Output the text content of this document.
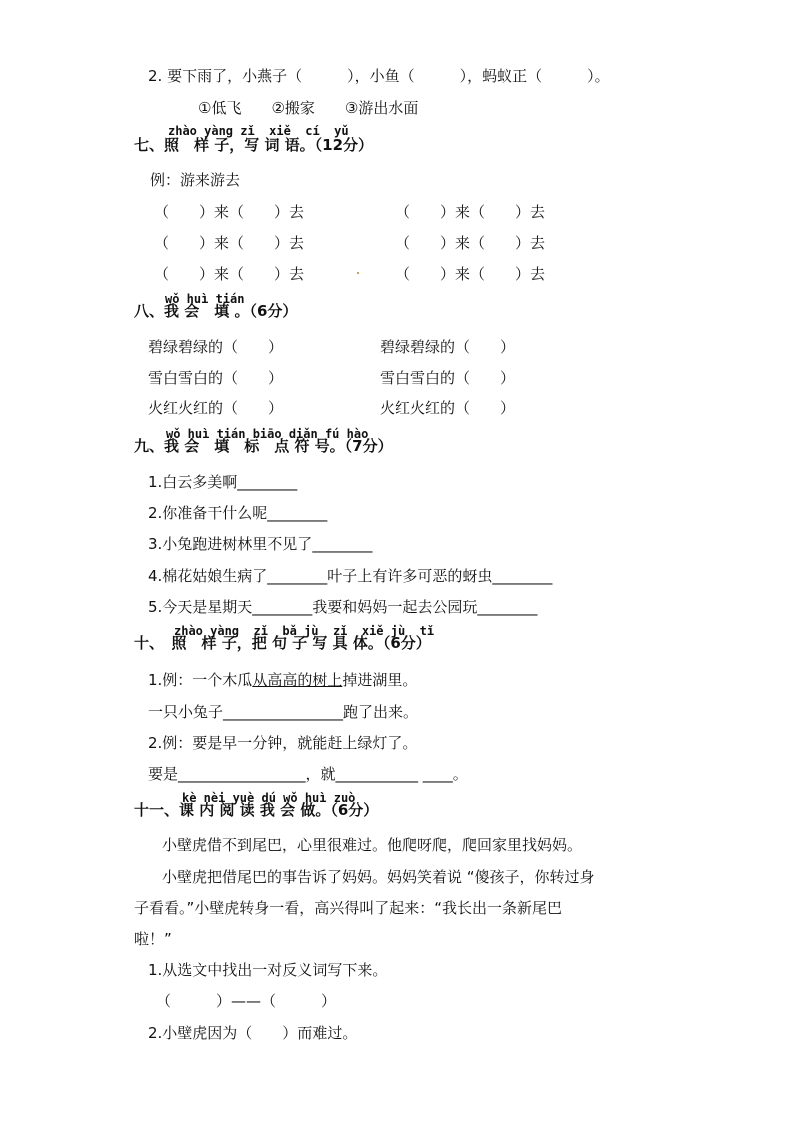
2. 要下雨了，小燕子（　　　），小鱼（　　　），蚂蚁正（　　　）。
①低飞　　②搬家　　③游出水面
zhào yàng zǐ  xiě  cí  yǔ
七、照　样 子，写 词 语。（12分）
例：游来游去
（　　）来（　　）去	（　　）来（　　）去
（　　）来（　　）去	（　　）来（　　）去
（　　）来（　　）去	（　　）来（　　）去
wǒ huì tián
八、我 会　填 。（6分）
碧绿碧绿的（　　）	碧绿碧绿的（　　）
雪白雪白的（　　）	雪白雪白的（　　）
火红火红的（　　）	火红火红的（　　）
wǒ huì tián biāo diǎn fú hào
九、我 会　填　标　点 符 号。（7分）
1.白云多美啊________
2.你准备干什么呢________
3.小兔跑进树林里不见了________
4.棉花姑娘生病了________叶子上有许多可恶的蚜虫________
5.今天是星期天________我要和妈妈一起去公园玩________
zhào yàng  zǐ  bǎ jù  zǐ  xiě jù  tǐ
十、　照　样 子，把 句 子 写 具 体。（6分）
1.例：一个木瓜从高高的树上掉进湖里。
一只小兔子________________跑了出来。
2.例：要是早一分钟，就能赶上绿灯了。
要是_________________，就___________ ____。
kè nèi yuè dú wǒ huì zuò
十一、课 内 阅 读 我 会 做。（6分）
小壁虎借不到尾巴，心里很难过。他爬呀爬，爬回家里找妈妈。
小壁虎把借尾巴的事告诉了妈妈。妈妈笑着说 “傻孩子，你转过身
子看看。”小壁虎转身一看，高兴得叫了起来：“我长出一条新尾巴
啦！”
1.从选文中找出一对反义词写下来。
（　　　）——（　　　）
2.小壁虎因为（　　）而难过。
